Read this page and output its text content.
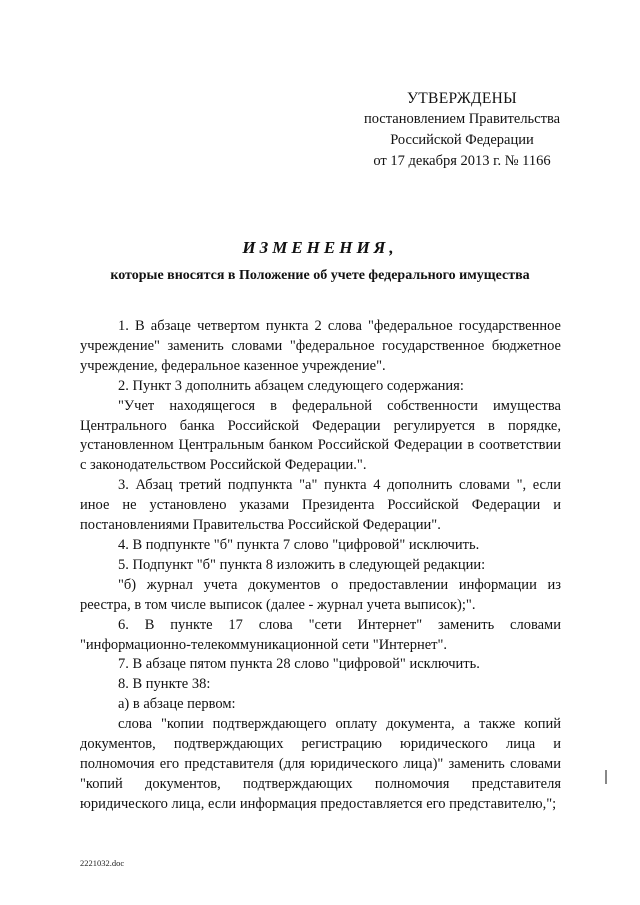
УТВЕРЖДЕНЫ
постановлением Правительства
Российской Федерации
от 17 декабря 2013 г. № 1166
ИЗМЕНЕНИЯ,
которые вносятся в Положение об учете федерального имущества

1. В абзаце четвертом пункта 2 слова "федеральное государственное учреждение" заменить словами "федеральное государственное бюджетное учреждение, федеральное казенное учреждение".

2. Пункт 3 дополнить абзацем следующего содержания:

"Учет находящегося в федеральной собственности имущества Центрального банка Российской Федерации регулируется в порядке, установленном Центральным банком Российской Федерации в соответствии с законодательством Российской Федерации.".

3. Абзац третий подпункта "а" пункта 4 дополнить словами ", если иное не установлено указами Президента Российской Федерации и постановлениями Правительства Российской Федерации".

4. В подпункте "б" пункта 7 слово "цифровой" исключить.

5. Подпункт "б" пункта 8 изложить в следующей редакции:

"б) журнал учета документов о предоставлении информации из реестра, в том числе выписок (далее - журнал учета выписок);".

6. В пункте 17 слова "сети Интернет" заменить словами "информационно-телекоммуникационной сети "Интернет".

7. В абзаце пятом пункта 28 слово "цифровой" исключить.

8. В пункте 38:

а) в абзаце первом:

слова "копии подтверждающего оплату документа, а также копий документов, подтверждающих регистрацию юридического лица и полномочия его представителя (для юридического лица)" заменить словами "копий документов, подтверждающих полномочия представителя юридического лица, если информация предоставляется его представителю,";

2221032.doc
